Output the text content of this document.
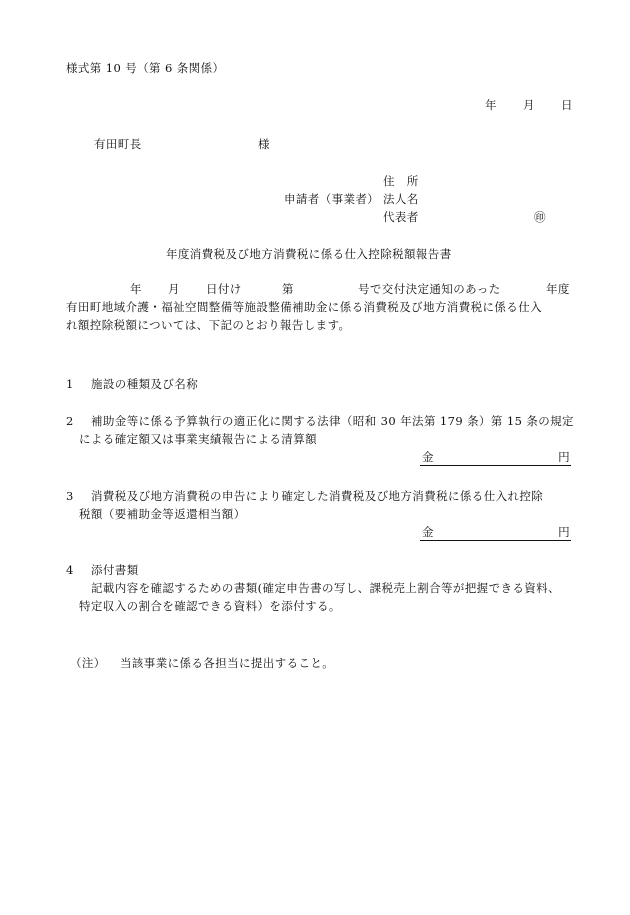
様式第 10 号（第 6 条関係）
年 月 日
有田町長	様
住　所
申請者（事業者） 法人名
代表者	㊞
年度消費税及び地方消費税に係る仕入控除税額報告書
年 月 日付け	第	号で交付決定通知のあった	年度
有田町地域介護・福祉空間整備等施設整備補助金に係る消費税及び地方消費税に係る仕入
れ額控除税額については、下記のとおり報告します。
1 施設の種類及び名称
2 補助金等に係る予算執行の適正化に関する法律（昭和 30 年法第 179 条）第 15 条の規定
による確定額又は事業実績報告による清算額
金	円
3 消費税及び地方消費税の申告により確定した消費税及び地方消費税に係る仕入れ控除
税額（要補助金等返還相当額）
金	円
4 添付書類
記載内容を確認するための書類(確定申告書の写し、課税売上割合等が把握できる資料、
特定収入の割合を確認できる資料）を添付する。
（注） 当該事業に係る各担当に提出すること。
